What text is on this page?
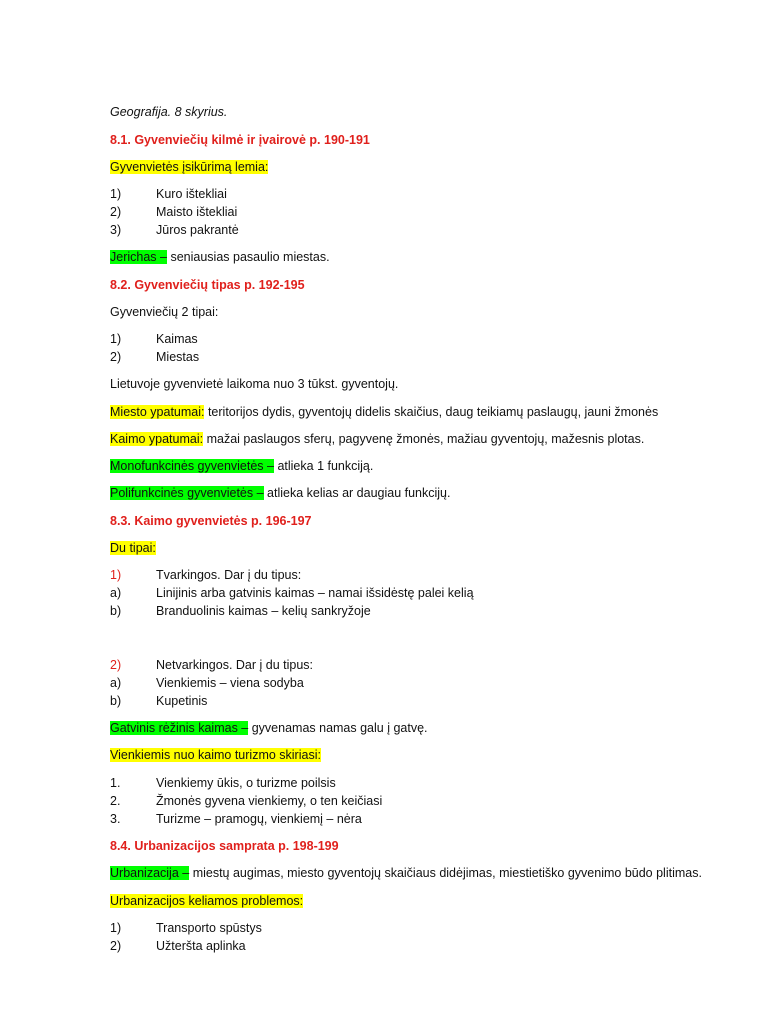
Geografija. 8 skyrius.
8.1. Gyvenviečių kilmė ir įvairovė p. 190-191
Gyvenvietės įsikūrimą lemia:
1)	Kuro ištekliai
2)	Maisto ištekliai
3)	Jūros pakrantė
Jerichas – seniausias pasaulio miestas.
8.2. Gyvenviečių tipas p. 192-195
Gyvenviečių 2 tipai:
1)	Kaimas
2)	Miestas
Lietuvoje gyvenvietė laikoma nuo 3 tūkst. gyventojų.
Miesto ypatumai: teritorijos dydis, gyventojų didelis skaičius, daug teikiamų paslaugų, jauni žmonės
Kaimo ypatumai: mažai paslaugos sferų, pagyvenę žmonės, mažiau gyventojų, mažesnis plotas.
Monofunkcinės gyvenvietės – atlieka 1 funkciją.
Polifunkcinės gyvenvietės – atlieka kelias ar daugiau funkcijų.
8.3. Kaimo gyvenvietės p. 196-197
Du tipai:
1)	Tvarkingos. Dar į du tipus:
a)	Linijinis arba gatvinis kaimas – namai išsidėstę palei kelią
b)	Branduolinis kaimas – kelių sankryžoje
2)	Netvarkingos. Dar į du tipus:
a)	Vienkiemis – viena sodyba
b)	Kupetinis
Gatvinis rėžinis kaimas – gyvenamas namas galu į gatvę.
Vienkiemis nuo kaimo turizmo skiriasi:
1.	Vienkiemy ūkis, o turizme poilsis
2.	Žmonės gyvena vienkiemy, o ten keičiasi
3.	Turizme – pramogų, vienkiemį – nėra
8.4. Urbanizacijos samprata p. 198-199
Urbanizacija – miestų augimas, miesto gyventojų skaičiaus didėjimas, miestietiško gyvenimo būdo plitimas.
Urbanizacijos keliamos problemos:
1)	Transporto spūstys
2)	Užteršta aplinka
